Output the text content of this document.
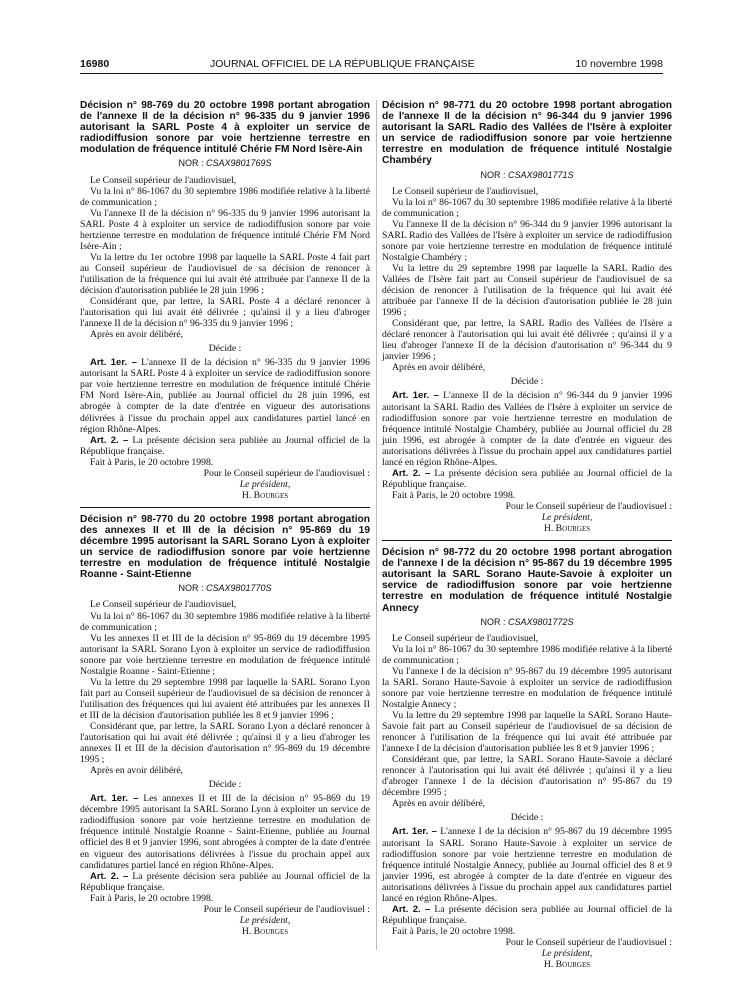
16980	JOURNAL OFFICIEL DE LA RÉPUBLIQUE FRANÇAISE	10 novembre 1998
Décision n° 98-769 du 20 octobre 1998 portant abrogation de l'annexe II de la décision n° 96-335 du 9 janvier 1996 autorisant la SARL Poste 4 à exploiter un service de radiodiffusion sonore par voie hertzienne terrestre en modulation de fréquence intitulé Chérie FM Nord Isère-Ain
NOR : CSAX9801769S

Le Conseil supérieur de l'audiovisuel,

Vu la loi n° 86-1067 du 30 septembre 1986 modifiée relative à la liberté de communication ;

Vu l'annexe II de la décision n° 96-335 du 9 janvier 1996 autorisant la SARL Poste 4 à exploiter un service de radiodiffusion sonore par voie hertzienne terrestre en modulation de fréquence intitulé Chérie FM Nord Isère-Ain ;

Vu la lettre du 1er octobre 1998 par laquelle la SARL Poste 4 fait part au Conseil supérieur de l'audiovisuel de sa décision de renoncer à l'utilisation de la fréquence qui lui avait été attribuée par l'annexe II de la décision d'autorisation publiée le 28 juin 1996 ;

Considérant que, par lettre, la SARL Poste 4 a déclaré renoncer à l'autorisation qui lui avait été délivrée ; qu'ainsi il y a lieu d'abroger l'annexe II de la décision n° 96-335 du 9 janvier 1996 ;

Après en avoir délibéré,

Décide :

Art. 1er. – L'annexe II de la décision n° 96-335 du 9 janvier 1996 autorisant la SARL Poste 4 à exploiter un service de radiodiffusion sonore par voie hertzienne terrestre en modulation de fréquence intitulé Chérie FM Nord Isère-Ain, publiée au Journal officiel du 28 juin 1996, est abrogée à compter de la date d'entrée en vigueur des autorisations délivrées à l'issue du prochain appel aux candidatures partiel lancé en région Rhône-Alpes.

Art. 2. – La présente décision sera publiée au Journal officiel de la République française.

Fait à Paris, le 20 octobre 1998.

Pour le Conseil supérieur de l'audiovisuel :

Le président,

H. Bourges

Décision n° 98-770 du 20 octobre 1998 portant abrogation des annexes II et III de la décision n° 95-869 du 19 décembre 1995 autorisant la SARL Sorano Lyon à exploiter un service de radiodiffusion sonore par voie hertzienne terrestre en modulation de fréquence intitulé Nostalgie Roanne - Saint-Etienne
NOR : CSAX9801770S

Le Conseil supérieur de l'audiovisuel,

Vu la loi n° 86-1067 du 30 septembre 1986 modifiée relative à la liberté de communication ;

Vu les annexes II et III de la décision n° 95-869 du 19 décembre 1995 autorisant la SARL Sorano Lyon à exploiter un service de radiodiffusion sonore par voie hertzienne terrestre en modulation de fréquence intitulé Nostalgie Roanne - Saint-Etienne ;

Vu la lettre du 29 septembre 1998 par laquelle la SARL Sorano Lyon fait part au Conseil supérieur de l'audiovisuel de sa décision de renoncer à l'utilisation des fréquences qui lui avaient été attribuées par les annexes II et III de la décision d'autorisation publiée les 8 et 9 janvier 1996 ;

Considérant que, par lettre, la SARL Sorano Lyon a déclaré renoncer à l'autorisation qui lui avait été délivrée ; qu'ainsi il y a lieu d'abroger les annexes II et III de la décision d'autorisation n° 95-869 du 19 décembre 1995 ;

Après en avoir délibéré,

Décide :

Art. 1er. – Les annexes II et III de la décision n° 95-869 du 19 décembre 1995 autorisant la SARL Sorano Lyon à exploiter un service de radiodiffusion sonore par voie hertzienne terrestre en modulation de fréquence intitulé Nostalgie Roanne - Saint-Etienne, publiée au Journal officiel des 8 et 9 janvier 1996, sont abrogées à compter de la date d'entrée en vigueur des autorisations délivrées à l'issue du prochain appel aux candidatures partiel lancé en région Rhône-Alpes.

Art. 2. – La présente décision sera publiée au Journal officiel de la République française.

Fait à Paris, le 20 octobre 1998.

Pour le Conseil supérieur de l'audiovisuel :

Le président,

H. Bourges

Décision n° 98-771 du 20 octobre 1998 portant abrogation de l'annexe II de la décision n° 96-344 du 9 janvier 1996 autorisant la SARL Radio des Vallées de l'Isère à exploiter un service de radiodiffusion sonore par voie hertzienne terrestre en modulation de fréquence intitulé Nostalgie Chambéry
NOR : CSAX9801771S

Le Conseil supérieur de l'audiovisuel,

Vu la loi n° 86-1067 du 30 septembre 1986 modifiée relative à la liberté de communication ;

Vu l'annexe II de la décision n° 96-344 du 9 janvier 1996 autorisant la SARL Radio des Vallées de l'Isère à exploiter un service de radiodiffusion sonore par voie hertzienne terrestre en modulation de fréquence intitulé Nostalgie Chambéry ;

Vu la lettre du 29 septembre 1998 par laquelle la SARL Radio des Vallées de l'Isère fait part au Conseil supérieur de l'audiovisuel de sa décision de renoncer à l'utilisation de la fréquence qui lui avait été attribuée par l'annexe II de la décision d'autorisation publiée le 28 juin 1996 ;

Considérant que, par lettre, la SARL Radio des Vallées de l'Isère a déclaré renoncer à l'autorisation qui lui avait été délivrée ; qu'ainsi il y a lieu d'abroger l'annexe II de la décision d'autorisation n° 96-344 du 9 janvier 1996 ;

Après en avoir délibéré,

Décide :

Art. 1er. – L'annexe II de la décision n° 96-344 du 9 janvier 1996 autorisant la SARL Radio des Vallées de l'Isère à exploiter un service de radiodiffusion sonore par voie hertzienne terrestre en modulation de fréquence intitulé Nostalgie Chambéry, publiée au Journal officiel du 28 juin 1996, est abrogée à compter de la date d'entrée en vigueur des autorisations délivrées à l'issue du prochain appel aux candidatures partiel lancé en région Rhône-Alpes.

Art. 2. – La présente décision sera publiée au Journal officiel de la République française.

Fait à Paris, le 20 octobre 1998.

Pour le Conseil supérieur de l'audiovisuel :

Le président,

H. Bourges

Décision n° 98-772 du 20 octobre 1998 portant abrogation de l'annexe I de la décision n° 95-867 du 19 décembre 1995 autorisant la SARL Sorano Haute-Savoie à exploiter un service de radiodiffusion sonore par voie hertzienne terrestre en modulation de fréquence intitulé Nostalgie Annecy
NOR : CSAX9801772S

Le Conseil supérieur de l'audiovisuel,

Vu la loi n° 86-1067 du 30 septembre 1986 modifiée relative à la liberté de communication ;

Vu l'annexe I de la décision n° 95-867 du 19 décembre 1995 autorisant la SARL Sorano Haute-Savoie à exploiter un service de radiodiffusion sonore par voie hertzienne terrestre en modulation de fréquence intitulé Nostalgie Annecy ;

Vu la lettre du 29 septembre 1998 par laquelle la SARL Sorano Haute-Savoie fait part au Conseil supérieur de l'audiovisuel de sa décision de renoncer à l'utilisation de la fréquence qui lui avait été attribuée par l'annexe I de la décision d'autorisation publiée les 8 et 9 janvier 1996 ;

Considérant que, par lettre, la SARL Sorano Haute-Savoie a déclaré renoncer à l'autorisation qui lui avait été délivrée ; qu'ainsi il y a lieu d'abroger l'annexe I de la décision d'autorisation n° 95-867 du 19 décembre 1995 ;

Après en avoir délibéré,

Décide :

Art. 1er. – L'annexe I de la décision n° 95-867 du 19 décembre 1995 autorisant la SARL Sorano Haute-Savoie à exploiter un service de radiodiffusion sonore par voie hertzienne terrestre en modulation de fréquence intitulé Nostalgie Annecy, publiée au Journal officiel des 8 et 9 janvier 1996, est abrogée à compter de la date d'entrée en vigueur des autorisations délivrées à l'issue du prochain appel aux candidatures partiel lancé en région Rhône-Alpes.

Art. 2. – La présente décision sera publiée au Journal officiel de la République française.

Fait à Paris, le 20 octobre 1998.

Pour le Conseil supérieur de l'audiovisuel :

Le président,

H. Bourges
